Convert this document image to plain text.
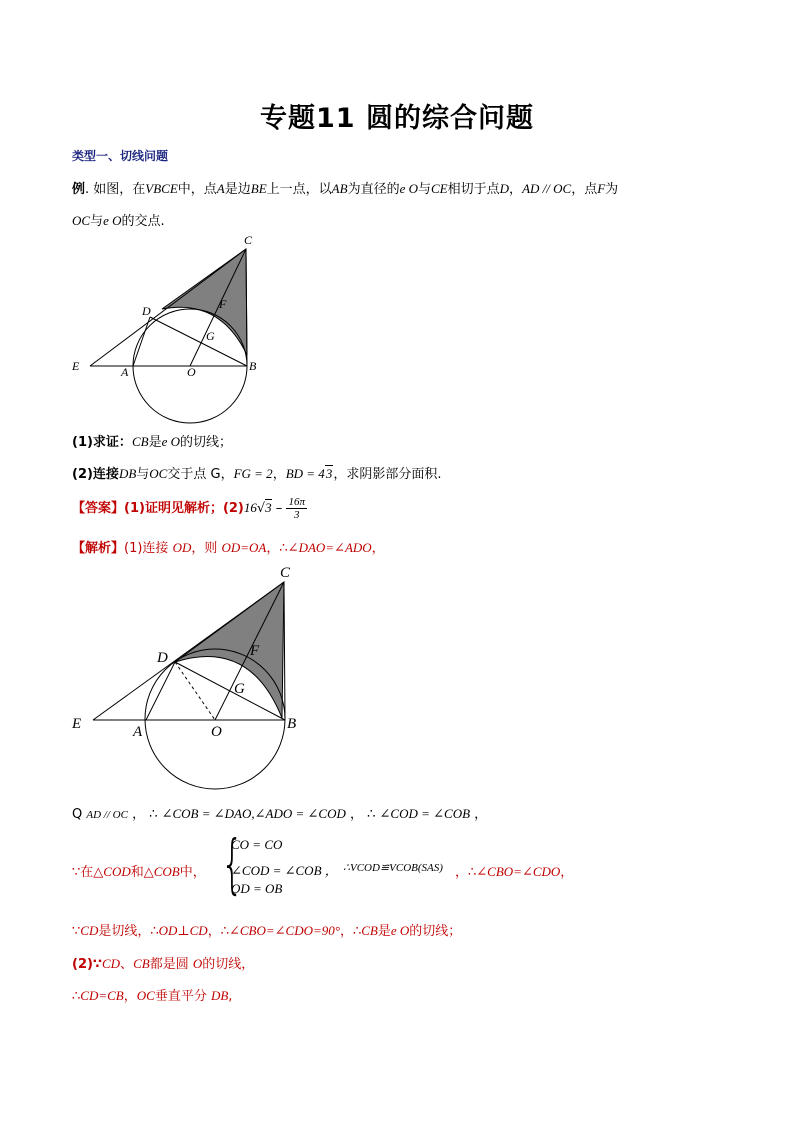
专题11 圆的综合问题
类型一、切线问题
例. 如图，在VBCE中，点A是边BE上一点，以AB为直径的e O与CE相切于点D，AD // OC，点F为
OC与e O的交点.
C
D	F
G
E	A	O	B
(1)求证：CB是e O的切线；
(2)连接DB与OC交于点 G，FG = 2，BD = 43，求阴影部分面积.
【答案】(1)证明见解析；$(2)16√3 - \frac{16\pi}{3}$
【解析】(1)连接 OD，则 OD=OA，∴∠DAO=∠ADO，
C
D	F
G
E	A	O	B
Q AD // OC ， ∴ ∠COB = ∠DAO,∠ADO = ∠COD ， ∴ ∠COD = ∠COB ，
∵在△COD和△COB中， {
CO = CO
∠COD = ∠COB ， ∴VCOD≌VCOB(SAS)
OD = OB
，∴∠CBO=∠CDO，
∵CD是切线，∴OD⊥CD，∴∠CBO=∠CDO=90°，∴CB是e O的切线；
(2)∵CD、CB都是圆 O的切线，
∴CD=CB，OC垂直平分 DB,
